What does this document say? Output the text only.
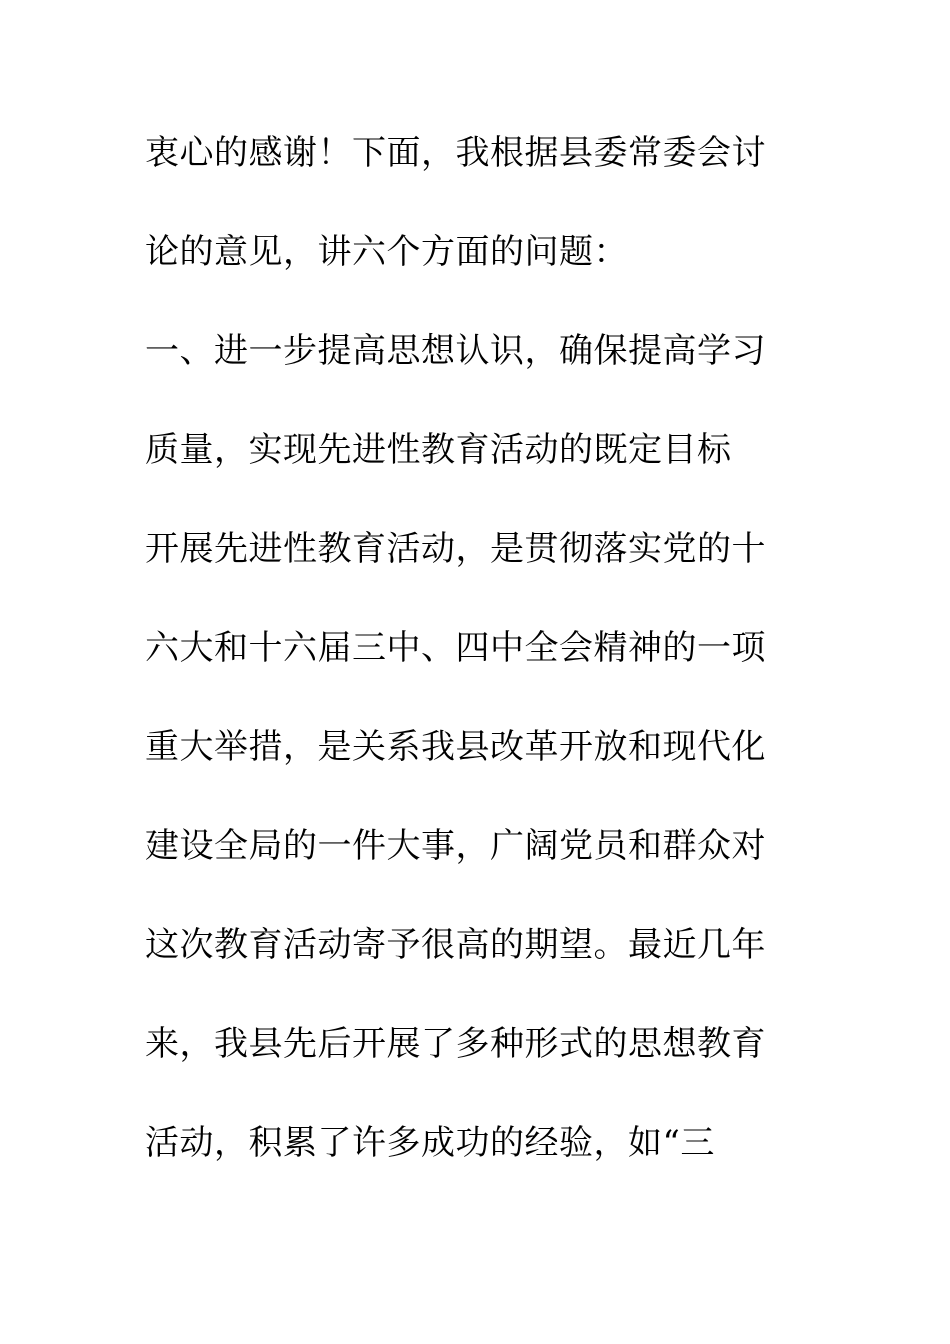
衷心的感谢！下面，我根据县委常委会讨
论的意见，讲六个方面的问题：
一、进一步提高思想认识，确保提高学习
质量，实现先进性教育活动的既定目标
开展先进性教育活动，是贯彻落实党的十
六大和十六届三中、四中全会精神的一项
重大举措，是关系我县改革开放和现代化
建设全局的一件大事，广阔党员和群众对
这次教育活动寄予很高的期望。最近几年
来，我县先后开展了多种形式的思想教育
活动，积累了许多成功的经验，如“三
